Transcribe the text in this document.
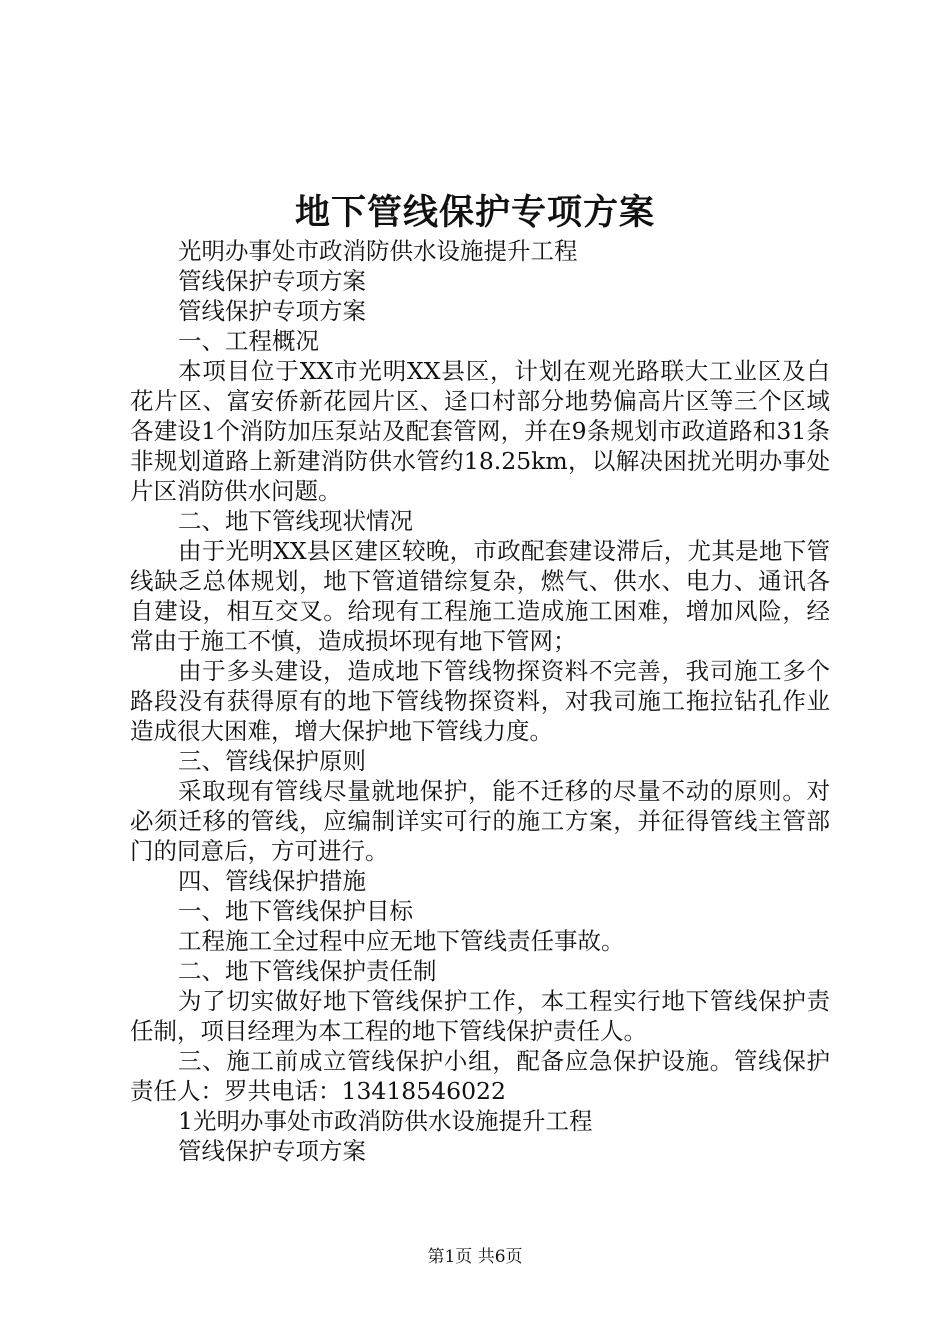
地下管线保护专项方案

光明办事处市政消防供水设施提升工程

管线保护专项方案

管线保护专项方案

一、工程概况

本项目位于XX市光明XX县区，计划在观光路联大工业区及白花片区、富安侨新花园片区、迳口村部分地势偏高片区等三个区域各建设1个消防加压泵站及配套管网，并在9条规划市政道路和31条非规划道路上新建消防供水管约18.25km，以解决困扰光明办事处片区消防供水问题。

二、地下管线现状情况

由于光明XX县区建区较晚，市政配套建设滞后，尤其是地下管线缺乏总体规划，地下管道错综复杂，燃气、供水、电力、通讯各自建设，相互交叉。给现有工程施工造成施工困难，增加风险，经常由于施工不慎，造成损坏现有地下管网；

由于多头建设，造成地下管线物探资料不完善，我司施工多个路段没有获得原有的地下管线物探资料，对我司施工拖拉钻孔作业造成很大困难，增大保护地下管线力度。

三、管线保护原则

采取现有管线尽量就地保护，能不迁移的尽量不动的原则。对必须迁移的管线，应编制详实可行的施工方案，并征得管线主管部门的同意后，方可进行。

四、管线保护措施

一、地下管线保护目标

工程施工全过程中应无地下管线责任事故。

二、地下管线保护责任制

为了切实做好地下管线保护工作，本工程实行地下管线保护责任制，项目经理为本工程的地下管线保护责任人。

三、施工前成立管线保护小组，配备应急保护设施。管线保护责任人：罗共电话：13418546022

1光明办事处市政消防供水设施提升工程

管线保护专项方案

第1页 共6页
